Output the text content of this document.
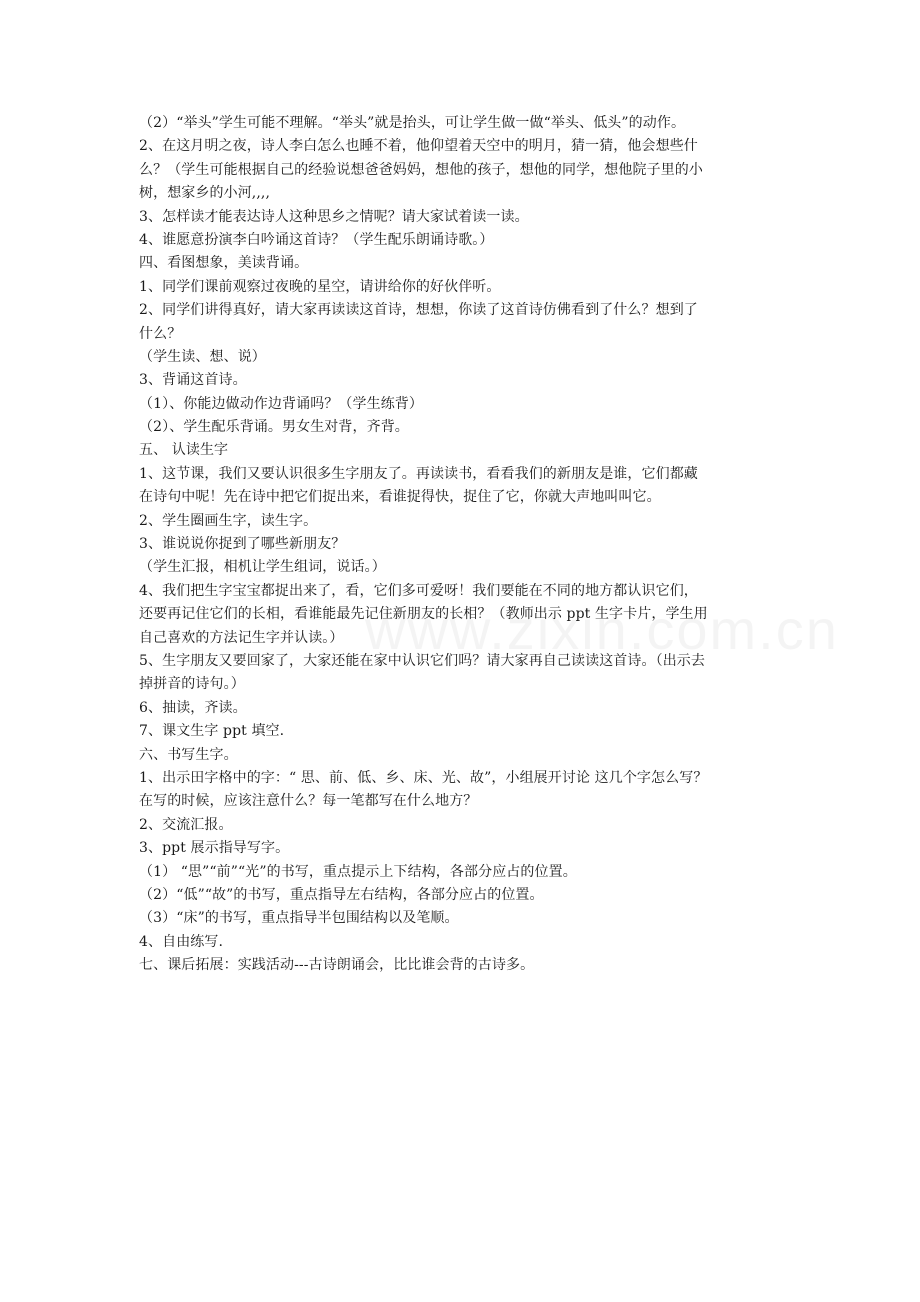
（2）“举头”学生可能不理解。“举头”就是抬头，可让学生做一做“举头、低头”的动作。
2、在这月明之夜，诗人李白怎么也睡不着，他仰望着天空中的明月，猜一猜，他会想些什
么？（学生可能根据自己的经验说想爸爸妈妈，想他的孩子，想他的同学，想他院子里的小
树，想家乡的小河,,,,
3、怎样读才能表达诗人这种思乡之情呢？请大家试着读一读。
4、谁愿意扮演李白吟诵这首诗？（学生配乐朗诵诗歌。）
四、看图想象，美读背诵。
1、同学们课前观察过夜晚的星空，请讲给你的好伙伴听。
2、同学们讲得真好，请大家再读读这首诗，想想，你读了这首诗仿佛看到了什么？想到了
什么？
（学生读、想、说）
3、背诵这首诗。
（1）、你能边做动作边背诵吗？（学生练背）
（2）、学生配乐背诵。男女生对背，齐背。
五、 认读生字
1、这节课，我们又要认识很多生字朋友了。再读读书，看看我们的新朋友是谁，它们都藏
在诗句中呢！先在诗中把它们捉出来，看谁捉得快，捉住了它，你就大声地叫叫它。
2、学生圈画生字，读生字。
3、谁说说你捉到了哪些新朋友？
（学生汇报，相机让学生组词，说话。）
4、我们把生字宝宝都捉出来了，看，它们多可爱呀！我们要能在不同的地方都认识它们，
还要再记住它们的长相，看谁能最先记住新朋友的长相？（教师出示 ppt 生字卡片，学生用
自己喜欢的方法记生字并认读。）
5、生字朋友又要回家了，大家还能在家中认识它们吗？请大家再自己读读这首诗。（出示去
掉拼音的诗句。）
6、抽读，齐读。
7、课文生字 ppt 填空.
六、书写生字。
1、出示田字格中的字：“ 思、前、低、乡、床、光、故”，小组展开讨论 这几个字怎么写？
在写的时候，应该注意什么？每一笔都写在什么地方？
2、交流汇报。
3、ppt 展示指导写字。
（1） “思”“前”“光”的书写，重点提示上下结构，各部分应占的位置。
（2）“低”“故”的书写，重点指导左右结构，各部分应占的位置。
（3）“床”的书写，重点指导半包围结构以及笔顺。
4、自由练写.
七、课后拓展：实践活动---古诗朗诵会，比比谁会背的古诗多。
